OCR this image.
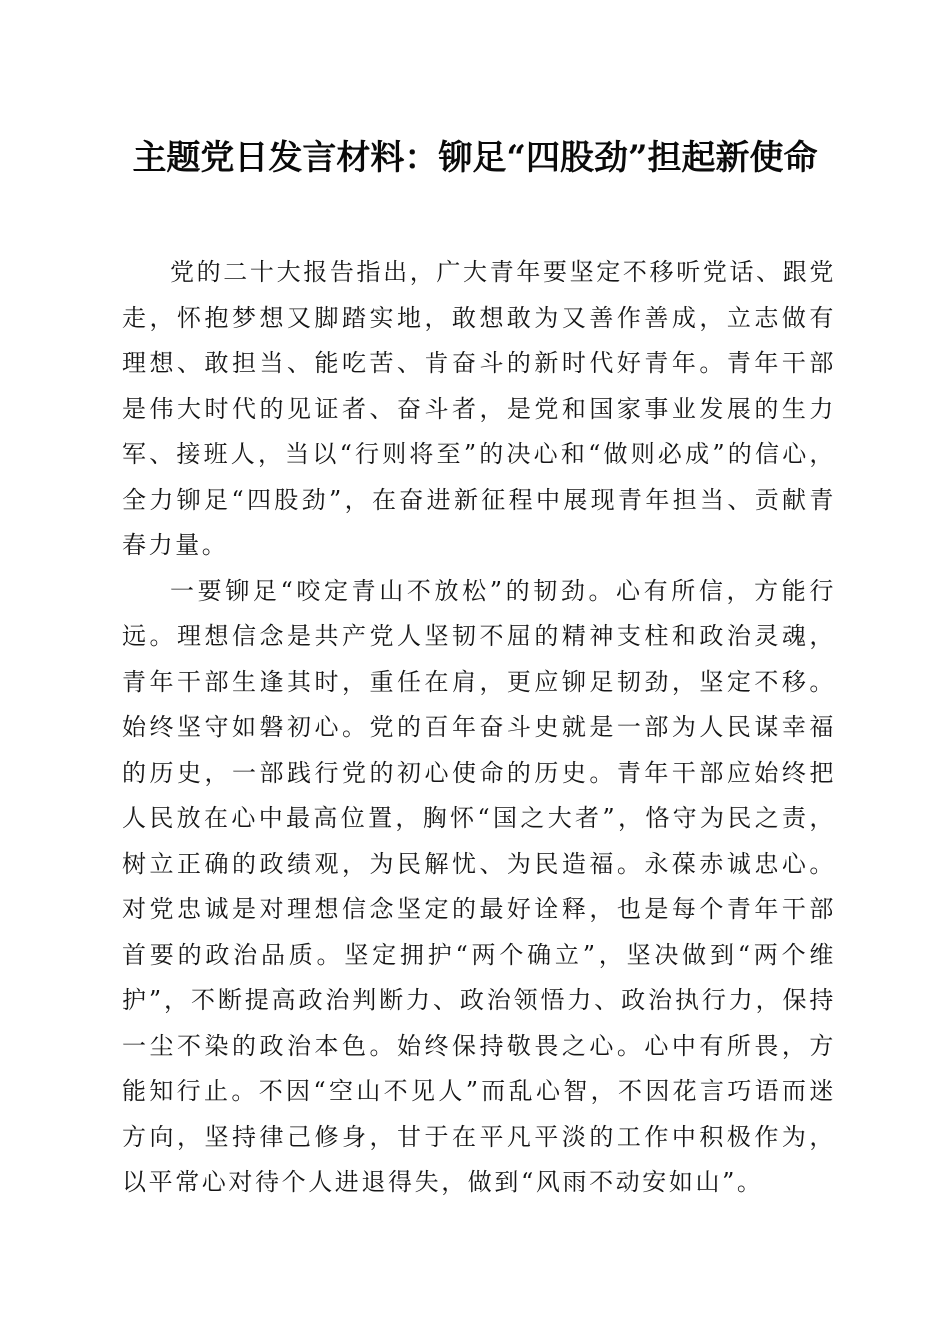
主题党日发言材料：铆足“四股劲”担起新使命

党的二十大报告指出，广大青年要坚定不移听党话、跟党走，怀抱梦想又脚踏实地，敢想敢为又善作善成，立志做有理想、敢担当、能吃苦、肯奋斗的新时代好青年。青年干部是伟大时代的见证者、奋斗者，是党和国家事业发展的生力军、接班人，当以“行则将至”的决心和“做则必成”的信心，全力铆足“四股劲”，在奋进新征程中展现青年担当、贡献青春力量。

一要铆足“咬定青山不放松”的韧劲。心有所信，方能行远。理想信念是共产党人坚韧不屈的精神支柱和政治灵魂，青年干部生逢其时，重任在肩，更应铆足韧劲，坚定不移。始终坚守如磐初心。党的百年奋斗史就是一部为人民谋幸福的历史，一部践行党的初心使命的历史。青年干部应始终把人民放在心中最高位置，胸怀“国之大者”，恪守为民之责，树立正确的政绩观，为民解忧、为民造福。永葆赤诚忠心。对党忠诚是对理想信念坚定的最好诠释，也是每个青年干部首要的政治品质。坚定拥护“两个确立”，坚决做到“两个维护”，不断提高政治判断力、政治领悟力、政治执行力，保持一尘不染的政治本色。始终保持敬畏之心。心中有所畏，方能知行止。不因“空山不见人”而乱心智，不因花言巧语而迷方向，坚持律己修身，甘于在平凡平淡的工作中积极作为，以平常心对待个人进退得失，做到“风雨不动安如山”。
